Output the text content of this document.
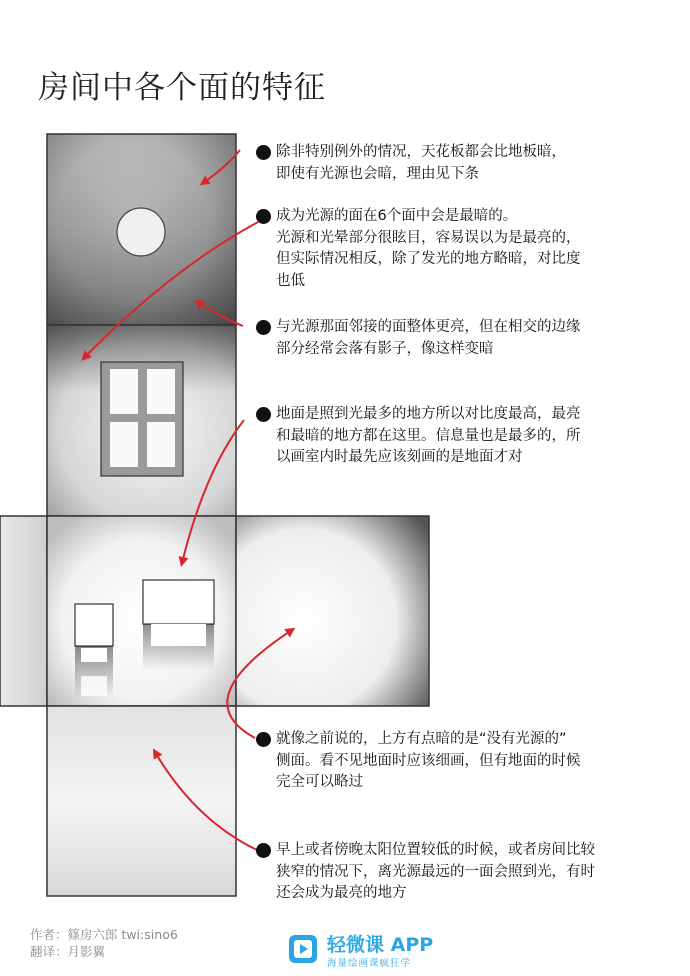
房间中各个面的特征
除非特别例外的情况，天花板都会比地板暗，
即使有光源也会暗，理由见下条
成为光源的面在6个面中会是最暗的。
光源和光晕部分很眩目，容易误以为是最亮的，
但实际情况相反，除了发光的地方略暗，对比度
也低
与光源那面邻接的面整体更亮，但在相交的边缘
部分经常会落有影子，像这样变暗
地面是照到光最多的地方所以对比度最高，最亮
和最暗的地方都在这里。信息量也是最多的，所
以画室内时最先应该刻画的是地面才对
就像之前说的，上方有点暗的是“没有光源的”
侧面。看不见地面时应该细画，但有地面的时候
完全可以略过
早上或者傍晚太阳位置较低的时候，或者房间比较
狭窄的情况下，离光源最远的一面会照到光，有时
还会成为最亮的地方
作者：篠房六郎 twi:sino6
翻译：月影翼	轻微课 APP
海量绘画课疯狂学
